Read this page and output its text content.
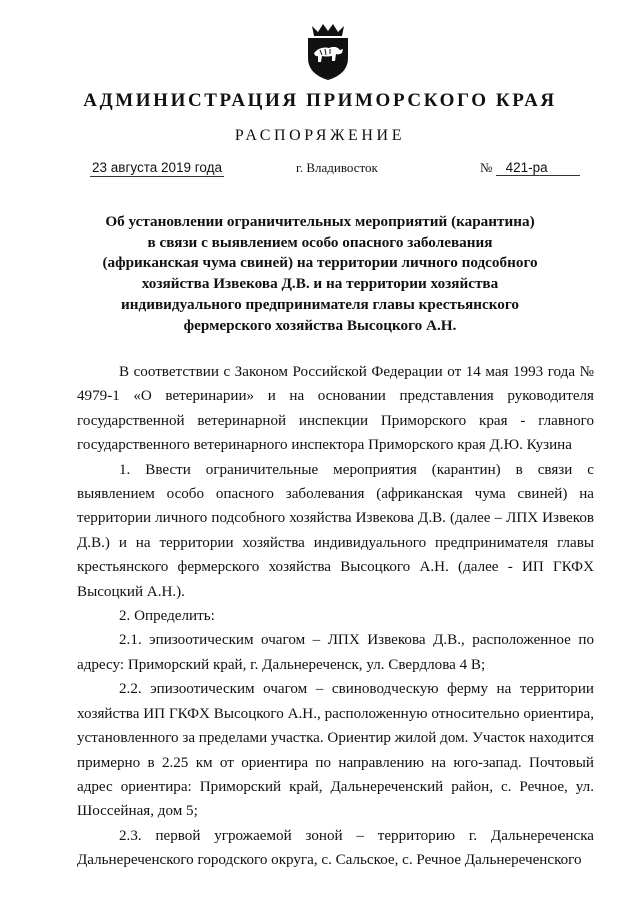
АДМИНИСТРАЦИЯ ПРИМОРСКОГО КРАЯ
РАСПОРЯЖЕНИЕ
23 августа 2019 года	г. Владивосток	№ 421-ра
Об установлении ограничительных мероприятий (карантина) в связи с выявлением особо опасного заболевания (африканская чума свиней) на территории личного подсобного хозяйства Извекова Д.В. и на территории хозяйства индивидуального предпринимателя главы крестьянского фермерского хозяйства Высоцкого А.Н.

В соответствии с Законом Российской Федерации от 14 мая 1993 года № 4979-1 «О ветеринарии» и на основании представления руководителя государственной ветеринарной инспекции Приморского края - главного государственного ветеринарного инспектора Приморского края Д.Ю. Кузина

1. Ввести ограничительные мероприятия (карантин) в связи с выявлением особо опасного заболевания (африканская чума свиней) на территории личного подсобного хозяйства Извекова Д.В. (далее – ЛПХ Извеков Д.В.) и на территории хозяйства индивидуального предпринимателя главы крестьянского фермерского хозяйства Высоцкого А.Н. (далее - ИП ГКФХ Высоцкий А.Н.).

2. Определить:

2.1. эпизоотическим очагом – ЛПХ Извекова Д.В., расположенное по адресу: Приморский край, г. Дальнереченск, ул. Свердлова 4 В;

2.2. эпизоотическим очагом – свиноводческую ферму на территории хозяйства ИП ГКФХ Высоцкого А.Н., расположенную относительно ориентира, установленного за пределами участка. Ориентир жилой дом. Участок находится примерно в 2.25 км от ориентира по направлению на юго-запад. Почтовый адрес ориентира: Приморский край, Дальнереченский район, с. Речное, ул. Шоссейная, дом 5;

2.3. первой угрожаемой зоной – территорию г. Дальнереченска Дальнереченского городского округа, с. Сальское, с. Речное Дальнереченского
